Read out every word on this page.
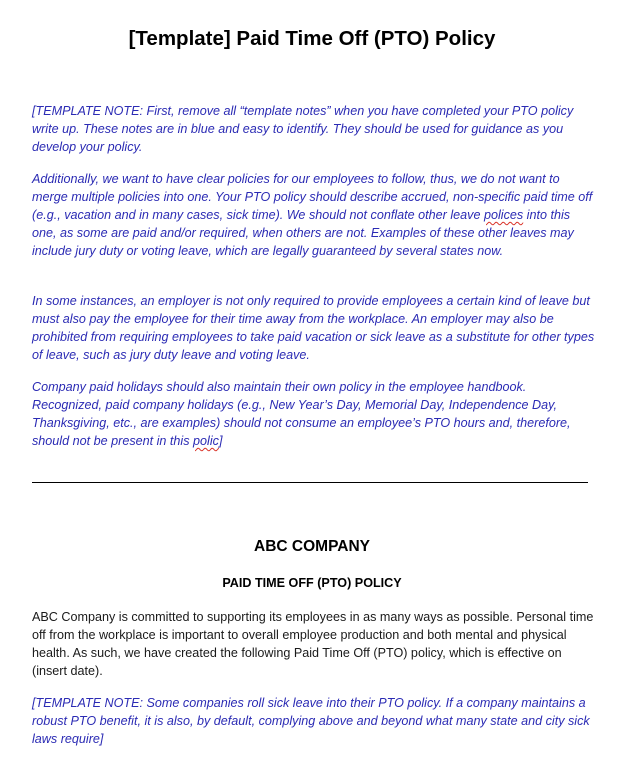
[Template] Paid Time Off (PTO) Policy

[TEMPLATE NOTE: First, remove all “template notes” when you have completed your PTO policy write up. These notes are in blue and easy to identify. They should be used for guidance as you develop your policy.

Additionally, we want to have clear policies for our employees to follow, thus, we do not want to merge multiple policies into one. Your PTO policy should describe accrued, non-specific paid time off (e.g., vacation and in many cases, sick time). We should not conflate other leave polices into this one, as some are paid and/or required, when others are not. Examples of these other leaves may include jury duty or voting leave, which are legally guaranteed by several states now.

In some instances, an employer is not only required to provide employees a certain kind of leave but must also pay the employee for their time away from the workplace. An employer may also be prohibited from requiring employees to take paid vacation or sick leave as a substitute for other types of leave, such as jury duty leave and voting leave.

Company paid holidays should also maintain their own policy in the employee handbook. Recognized, paid company holidays (e.g., New Year’s Day, Memorial Day, Independence Day, Thanksgiving, etc., are examples) should not consume an employee’s PTO hours and, therefore, should not be present in this polic]

ABC COMPANY
PAID TIME OFF (PTO) POLICY

ABC Company is committed to supporting its employees in as many ways as possible. Personal time off from the workplace is important to overall employee production and both mental and physical health. As such, we have created the following Paid Time Off (PTO) policy, which is effective on (insert date).

[TEMPLATE NOTE: Some companies roll sick leave into their PTO policy. If a company maintains a robust PTO benefit, it is also, by default, complying above and beyond what many state and city sick laws require]
